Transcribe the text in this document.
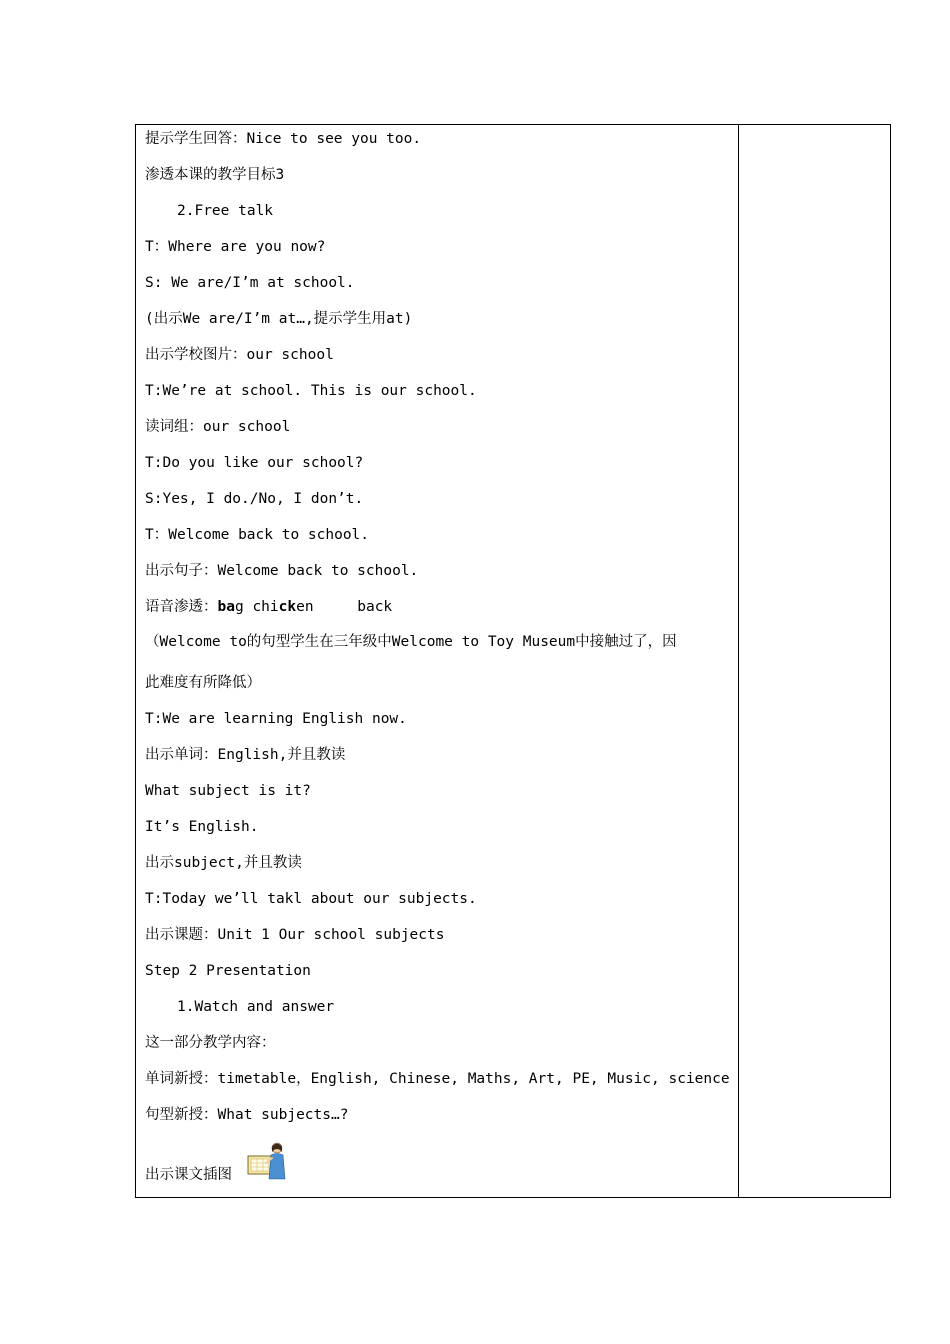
提示学生回答：Nice to see you too.
渗透本课的教学目标3
2.Free talk
T：Where are you now?
S: We are/I’m at school.
(出示We are/I’m at…,提示学生用at)
出示学校图片：our school
T:We’re at school. This is our school.
读词组：our school
T:Do you like our school?
S:Yes, I do./No, I don’t.
T：Welcome back to school.
出示句子：Welcome back to school.
语音渗透：bag chicken	back
（Welcome to的句型学生在三年级中Welcome to Toy Museum中接触过了，因
此难度有所降低）
T:We are learning English now.
出示单词：English,并且教读
What subject is it?
It’s English.
出示subject,并且教读
T:Today we’ll takl about our subjects.
出示课题：Unit 1 Our school subjects
Step 2 Presentation
1.Watch and answer
这一部分教学内容：
单词新授：timetable，English, Chinese, Maths, Art, PE, Music, science
句型新授：What subjects…?
出示课文插图
